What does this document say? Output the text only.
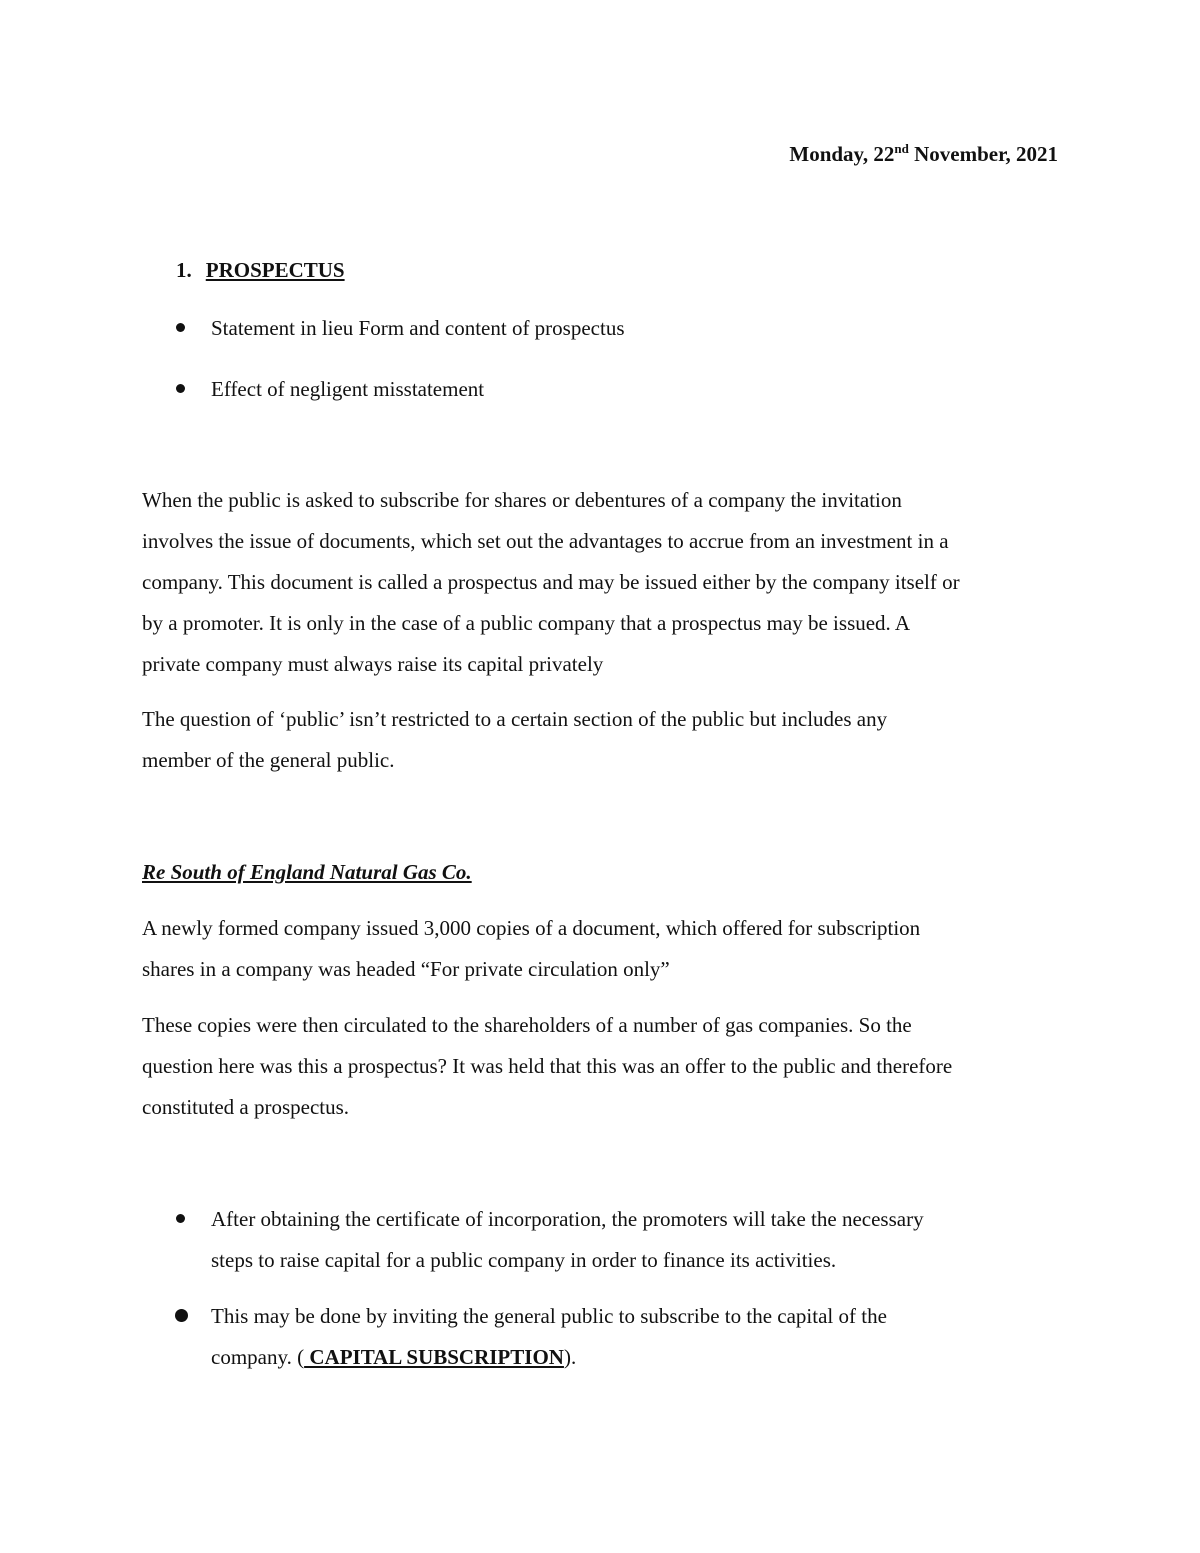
Monday, 22nd November, 2021
1. PROSPECTUS
Statement in lieu Form and content of prospectus
Effect of negligent misstatement
When the public is asked to subscribe for shares or debentures of a company the invitation
involves the issue of documents, which set out the advantages to accrue from an investment in a
company. This document is called a prospectus and may be issued either by the company itself or
by a promoter. It is only in the case of a public company that a prospectus may be issued. A
private company must always raise its capital privately
The question of ‘public’ isn’t restricted to a certain section of the public but includes any
member of the general public.
Re South of England Natural Gas Co.
A newly formed company issued 3,000 copies of a document, which offered for subscription
shares in a company was headed “For private circulation only”
These copies were then circulated to the shareholders of a number of gas companies. So the
question here was this a prospectus? It was held that this was an offer to the public and therefore
constituted a prospectus.
After obtaining the certificate of incorporation, the promoters will take the necessary
steps to raise capital for a public company in order to finance its activities.
This may be done by inviting the general public to subscribe to the capital of the
company. ( CAPITAL SUBSCRIPTION).
